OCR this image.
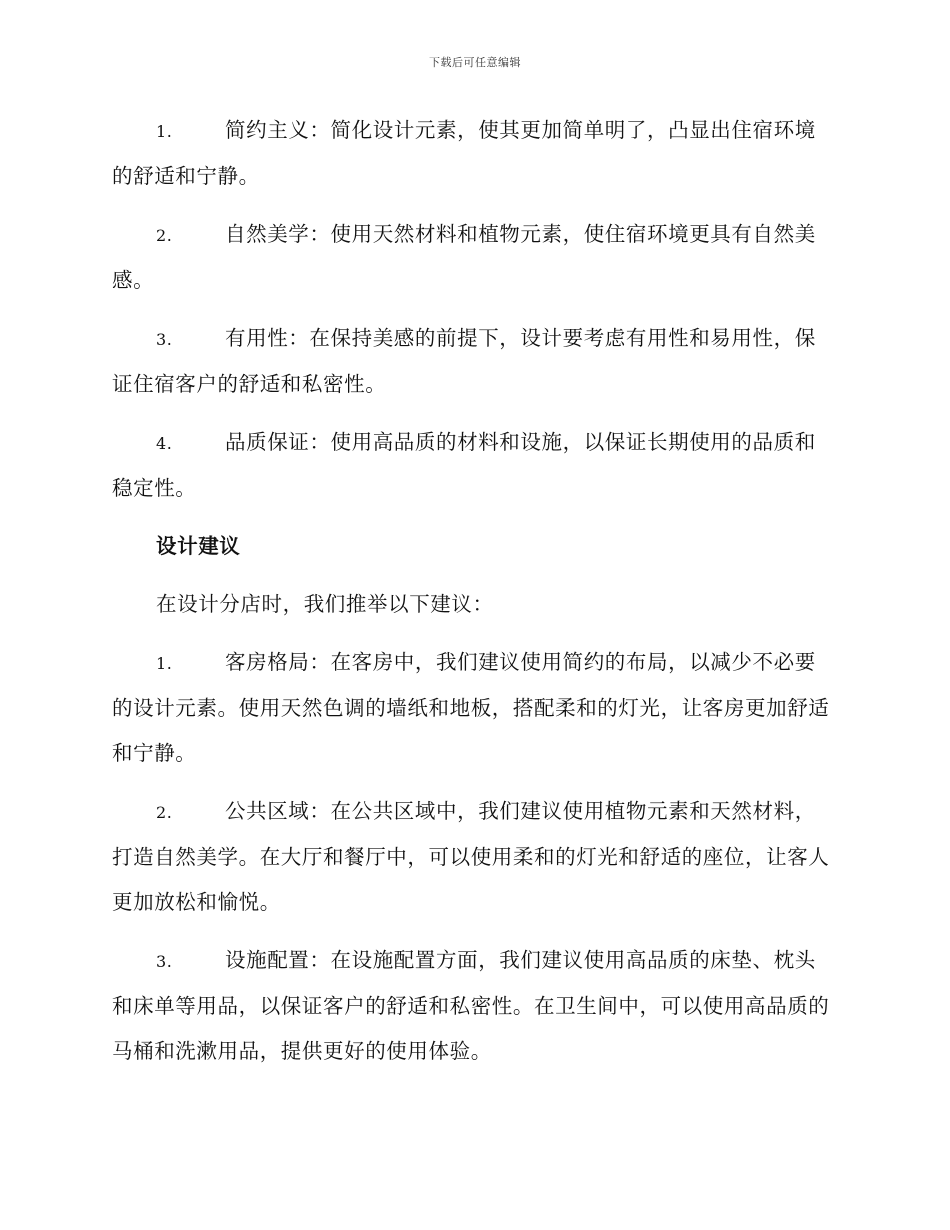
下载后可任意编辑

1.	简约主义：简化设计元素，使其更加简单明了，凸显出住宿环境的舒适和宁静。

2.	自然美学：使用天然材料和植物元素，使住宿环境更具有自然美感。

3.	有用性：在保持美感的前提下，设计要考虑有用性和易用性，保证住宿客户的舒适和私密性。

4.	品质保证：使用高品质的材料和设施，以保证长期使用的品质和稳定性。

设计建议

在设计分店时，我们推举以下建议：

1.	客房格局：在客房中，我们建议使用简约的布局，以减少不必要的设计元素。使用天然色调的墙纸和地板，搭配柔和的灯光，让客房更加舒适和宁静。

2.	公共区域：在公共区域中，我们建议使用植物元素和天然材料，打造自然美学。在大厅和餐厅中，可以使用柔和的灯光和舒适的座位，让客人更加放松和愉悦。

3.	设施配置：在设施配置方面，我们建议使用高品质的床垫、枕头和床单等用品，以保证客户的舒适和私密性。在卫生间中，可以使用高品质的马桶和洗漱用品，提供更好的使用体验。
